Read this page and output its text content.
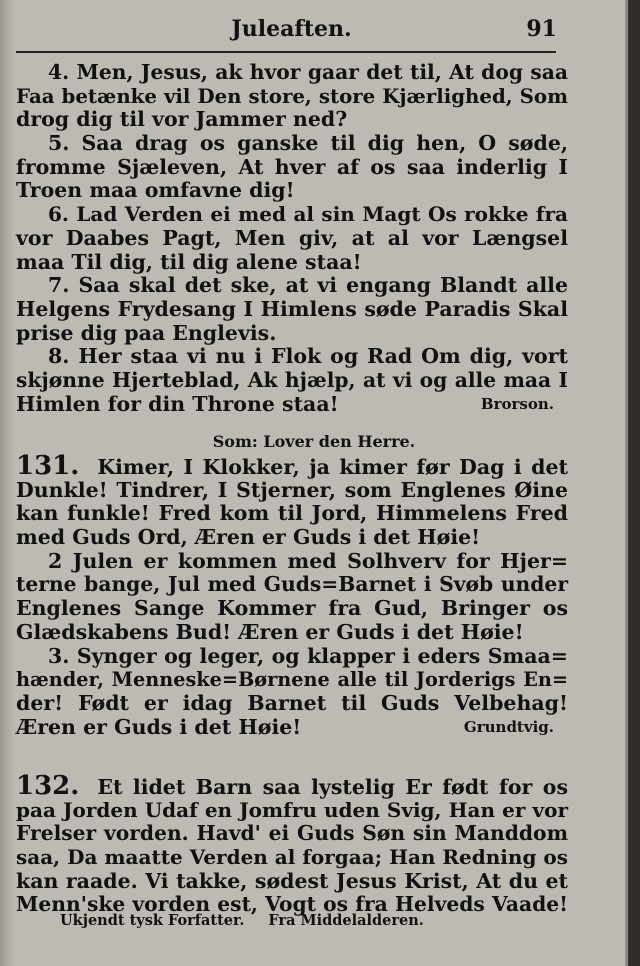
Juleaften.	91
4. Men, Jesus, ak hvor gaar det til, At dog saa
Faa betænke vil Den store, store Kjærlighed, Som
drog dig til vor Jammer ned?
5. Saa drag os ganske til dig hen, O søde,
fromme Sjæleven, At hver af os saa inderlig I
Troen maa omfavne dig!
6. Lad Verden ei med al sin Magt Os rokke fra
vor Daabes Pagt, Men giv, at al vor Længsel
maa Til dig, til dig alene staa!
7. Saa skal det ske, at vi engang Blandt alle
Helgens Frydesang I Himlens søde Paradis Skal
prise dig paa Englevis.
8. Her staa vi nu i Flok og Rad Om dig, vort
skjønne Hjerteblad, Ak hjælp, at vi og alle maa I
Himlen for din Throne staa!	Brorson.
Som: Lover den Herre.
131. Kimer, I Klokker, ja kimer før Dag i det
Dunkle! Tindrer, I Stjerner, som Englenes Øine
kan funkle! Fred kom til Jord, Himmelens Fred
med Guds Ord, Æren er Guds i det Høie!
2 Julen er kommen med Solhverv for Hjer=
terne bange, Jul med Guds=Barnet i Svøb under
Englenes Sange Kommer fra Gud, Bringer os
Glædskabens Bud! Æren er Guds i det Høie!
3. Synger og leger, og klapper i eders Smaa=
hænder, Menneske=Børnene alle til Jorderigs En=
der! Født er idag Barnet til Guds Velbehag!
Æren er Guds i det Høie!	Grundtvig.
132. Et lidet Barn saa lystelig Er født for os
paa Jorden Udaf en Jomfru uden Svig, Han er vor
Frelser vorden. Havd' ei Guds Søn sin Manddom
saa, Da maatte Verden al forgaa; Han Redning os
kan raade. Vi takke, sødest Jesus Krist, At du et
Menn'ske vorden est, Vogt os fra Helveds Vaade!
Ukjendt tysk Forfatter. Fra Middelalderen.
